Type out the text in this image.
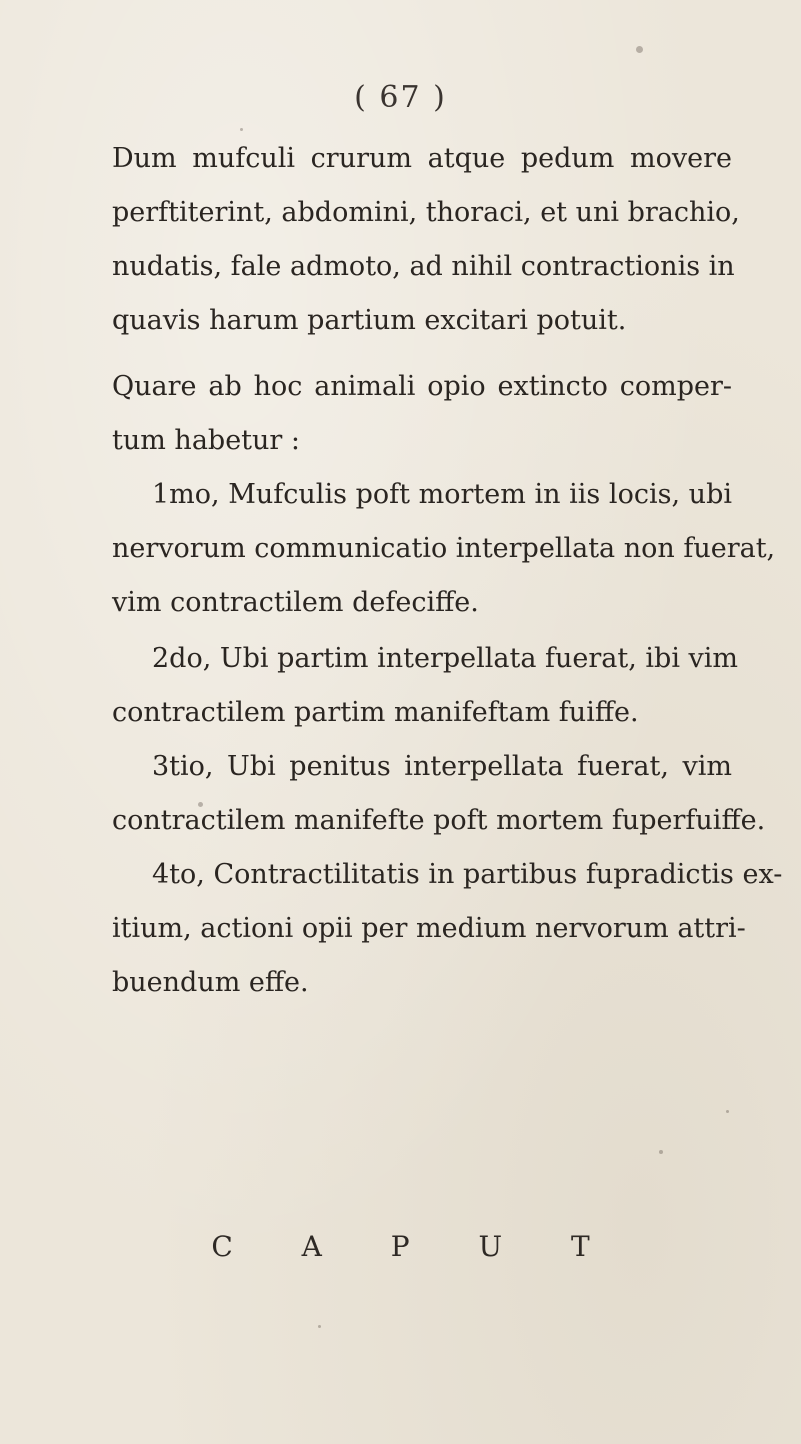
( 67 )
Dum mufculi crurum atque pedum movere
perftiterint, abdomini, thoraci, et uni brachio,
nudatis, fale admoto, ad nihil contractionis in
quavis harum partium excitari potuit.
Quare ab hoc animali opio extincto comper-
tum habetur :
1mo, Mufculis poft mortem in iis locis, ubi
nervorum communicatio interpellata non fuerat,
vim contractilem defeciffe.
2do, Ubi partim interpellata fuerat, ibi vim
contractilem partim manifeftam fuiffe.
3tio, Ubi penitus interpellata fuerat, vim
contractilem manifefte poft mortem fuperfuiffe.
4to, Contractilitatis in partibus fupradictis ex-
itium, actioni opii per medium nervorum attri-
buendum effe.
C A P U T
